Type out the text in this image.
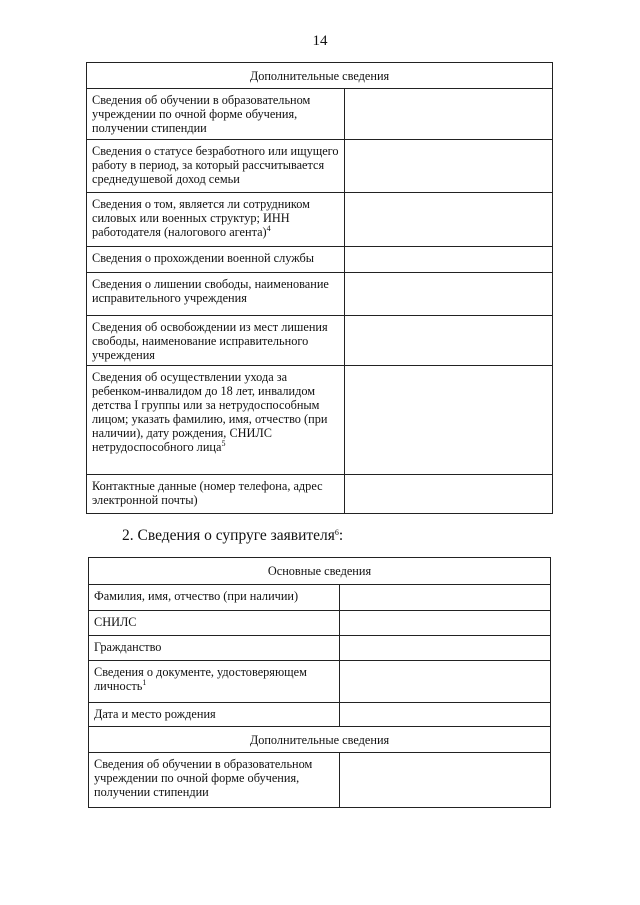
14
Дополнительные сведения	
Сведения об обучении в образовательном учреждении по очной форме обучения, получении стипендии	
Сведения о статусе безработного или ищущего работу в период, за который рассчитывается среднедушевой доход семьи	
Сведения о том, является ли сотрудником силовых или военных структур; ИНН работодателя (налогового агента)$^4$	
Сведения о прохождении военной службы	
Сведения о лишении свободы, наименование исправительного учреждения	
Сведения об освобождении из мест лишения свободы, наименование исправительного учреждения	
Сведения об осуществлении ухода за ребенком-инвалидом до 18 лет, инвалидом детства I группы или за нетрудоспособным лицом; указать фамилию, имя, отчество (при наличии), дату рождения, СНИЛС нетрудоспособного лица$^5$	
Контактные данные (номер телефона, адрес электронной почты)	
2. Сведения о супруге заявителя$^6$:
Основные сведения	
Фамилия, имя, отчество (при наличии)	
СНИЛС	
Гражданство	
Сведения о документе, удостоверяющем личность$^1$	
Дата и место рождения	
Дополнительные сведения	
Сведения об обучении в образовательном учреждении по очной форме обучения, получении стипендии	
